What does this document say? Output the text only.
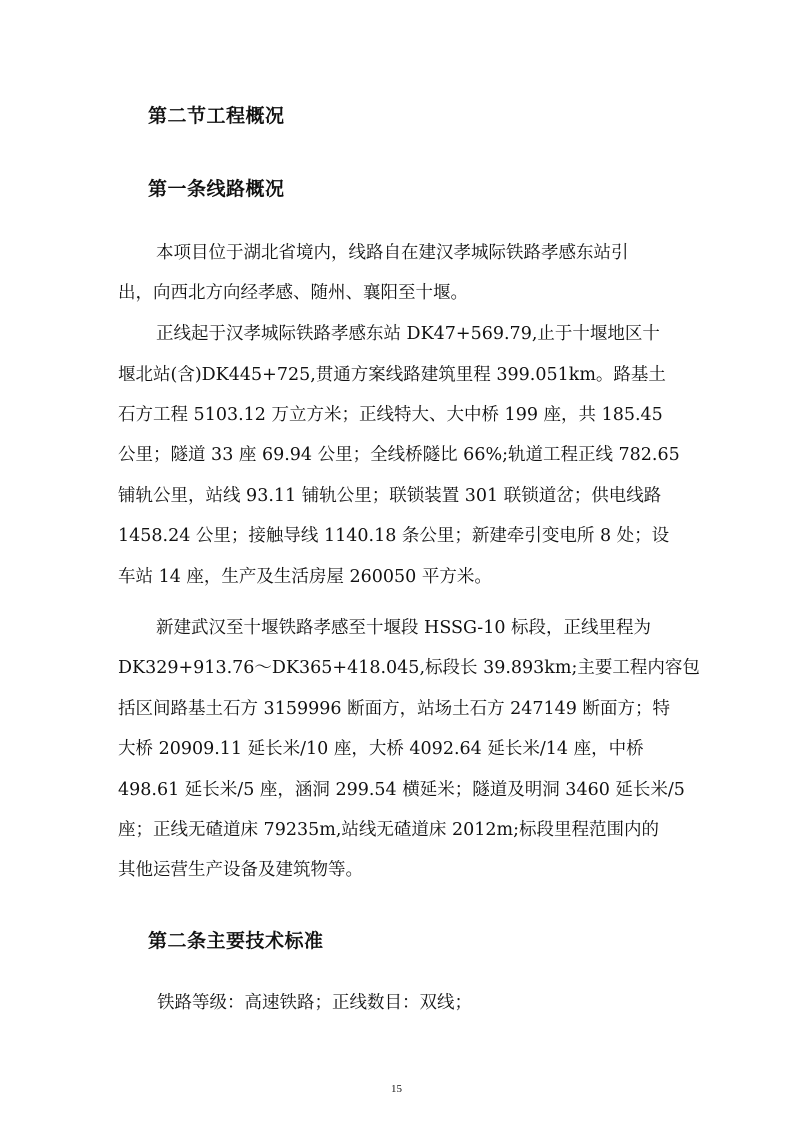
第二节工程概况
第一条线路概况
本项目位于湖北省境内，线路自在建汉孝城际铁路孝感东站引
出，向西北方向经孝感、随州、襄阳至十堰。
正线起于汉孝城际铁路孝感东站 DK47+569.79,止于十堰地区十
堰北站(含)DK445+725,贯通方案线路建筑里程 399.051km。路基土
石方工程 5103.12 万立方米；正线特大、大中桥 199 座，共 185.45
公里；隧道 33 座 69.94 公里；全线桥隧比 66%;轨道工程正线 782.65
铺轨公里，站线 93.11 铺轨公里；联锁装置 301 联锁道岔；供电线路
1458.24 公里；接触导线 1140.18 条公里；新建牵引变电所 8 处；设
车站 14 座，生产及生活房屋 260050 平方米。
新建武汉至十堰铁路孝感至十堰段 HSSG-10 标段，正线里程为
DK329+913.76～DK365+418.045,标段长 39.893km;主要工程内容包
括区间路基土石方 3159996 断面方，站场土石方 247149 断面方；特
大桥 20909.11 延长米/10 座，大桥 4092.64 延长米/14 座，中桥
498.61 延长米/5 座，涵洞 299.54 横延米；隧道及明洞 3460 延长米/5
座；正线无碴道床 79235m,站线无碴道床 2012m;标段里程范围内的
其他运营生产设备及建筑物等。
第二条主要技术标准
铁路等级：高速铁路；正线数目：双线；
15
